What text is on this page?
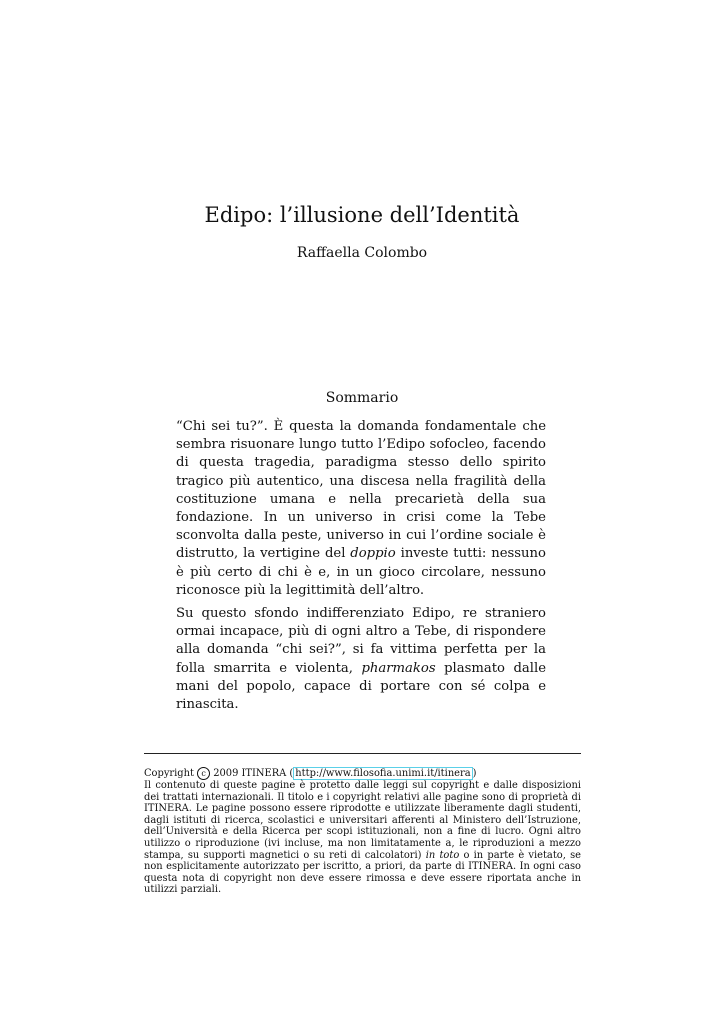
Edipo: l’illusione dell’Identità
Raffaella Colombo
Sommario

“Chi sei tu?”. È questa la domanda fondamentale che sembra risuonare lungo tutto l’Edipo sofocleo, facendo di questa tragedia, paradigma stesso dello spirito tragico più autentico, una discesa nella fragilità della costituzione umana e nella precarietà della sua fondazione. In un universo in crisi come la Tebe sconvolta dalla peste, universo in cui l’ordine sociale è distrutto, la vertigine del doppio investe tutti: nessuno è più certo di chi è e, in un gioco circolare, nessuno riconosce più la legittimità dell’altro.

Su questo sfondo indifferenziato Edipo, re straniero ormai incapace, più di ogni altro a Tebe, di rispondere alla domanda “chi sei?”, si fa vittima perfetta per la folla smarrita e violenta, pharmakos plasmato dalle mani del popolo, capace di portare con sé colpa e rinascita.

Copyright c 2009 ITINERA ( http://www.filosofia.unimi.it/itinera )

Il contenuto di queste pagine è protetto dalle leggi sul copyright e dalle disposizioni dei trattati internazionali. Il titolo e i copyright relativi alle pagine sono di proprietà di ITINERA. Le pagine possono essere riprodotte e utilizzate liberamente dagli studenti, dagli istituti di ricerca, scolastici e universitari afferenti al Ministero dell’Istruzione, dell’Università e della Ricerca per scopi istituzionali, non a fine di lucro. Ogni altro utilizzo o riproduzione (ivi incluse, ma non limitatamente a, le riproduzioni a mezzo stampa, su supporti magnetici o su reti di calcolatori) in toto o in parte è vietato, se non esplicitamente autorizzato per iscritto, a priori, da parte di ITINERA. In ogni caso questa nota di copyright non deve essere rimossa e deve essere riportata anche in utilizzi parziali.
